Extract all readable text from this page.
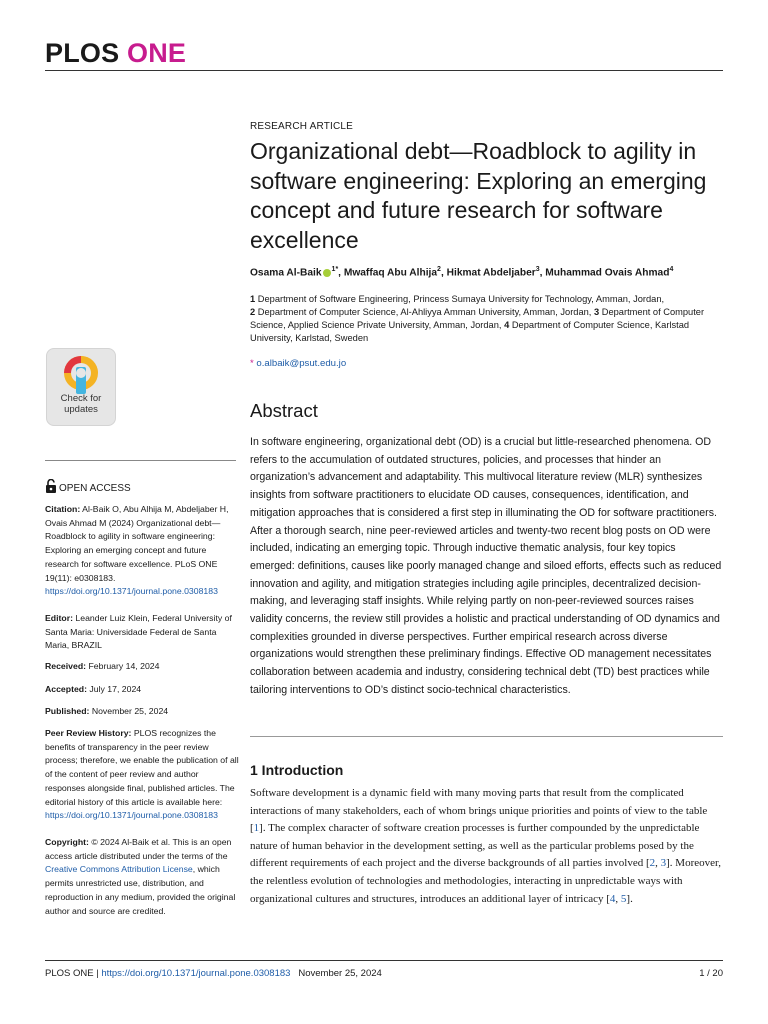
PLOS ONE
Check for
updates
OPEN ACCESS
Citation: Al-Baik O, Abu Alhija M, Abdeljaber H, Ovais Ahmad M (2024) Organizational debt—Roadblock to agility in software engineering: Exploring an emerging concept and future research for software excellence. PLoS ONE 19(11): e0308183. https://doi.org/10.1371/journal.pone.0308183
Editor: Leander Luiz Klein, Federal University of Santa Maria: Universidade Federal de Santa Maria, BRAZIL
Received: February 14, 2024
Accepted: July 17, 2024
Published: November 25, 2024
Peer Review History: PLOS recognizes the benefits of transparency in the peer review process; therefore, we enable the publication of all of the content of peer review and author responses alongside final, published articles. The editorial history of this article is available here: https://doi.org/10.1371/journal.pone.0308183
Copyright: © 2024 Al-Baik et al. This is an open access article distributed under the terms of the Creative Commons Attribution License, which permits unrestricted use, distribution, and reproduction in any medium, provided the original author and source are credited.
RESEARCH ARTICLE
Organizational debt—Roadblock to agility in software engineering: Exploring an emerging concept and future research for software excellence
Osama Al-Baik $^{1*}$, Mwaffaq Abu Alhija$^2$, Hikmat Abdeljaber$^3$, Muhammad Ovais Ahmad$^4$
1 Department of Software Engineering, Princess Sumaya University for Technology, Amman, Jordan,
2 Department of Computer Science, Al-Ahliyya Amman University, Amman, Jordan, 3 Department of Computer Science, Applied Science Private University, Amman, Jordan, 4 Department of Computer Science, Karlstad University, Karlstad, Sweden
* o.albaik@psut.edu.jo
Abstract

In software engineering, organizational debt (OD) is a crucial but little-researched phenomena. OD refers to the accumulation of outdated structures, policies, and processes that hinder an organization’s advancement and adaptability. This multivocal literature review (MLR) synthesizes insights from software practitioners to elucidate OD causes, consequences, identification, and mitigation approaches that is considered a first step in illuminating the OD for software practitioners. After a thorough search, nine peer-reviewed articles and twenty-two recent blog posts on OD were included, indicating an emerging topic. Through inductive thematic analysis, four key topics emerged: definitions, causes like poorly managed change and siloed efforts, effects such as reduced innovation and agility, and mitigation strategies including agile principles, decentralized decision-making, and leveraging staff insights. While relying partly on non-peer-reviewed sources raises validity concerns, the review still provides a holistic and practical understanding of OD dynamics and complexities grounded in diverse perspectives. Further empirical research across diverse organizations would strengthen these preliminary findings. Effective OD management necessitates collaboration between academia and industry, considering technical debt (TD) best practices while tailoring interventions to OD’s distinct socio-technical characteristics.

1 Introduction

Software development is a dynamic field with many moving parts that result from the complicated interactions of many stakeholders, each of whom brings unique priorities and points of view to the table [1]. The complex character of software creation processes is further compounded by the unpredictable nature of human behavior in the development setting, as well as the particular problems posed by the different requirements of each project and the diverse backgrounds of all parties involved [2, 3]. Moreover, the relentless evolution of technologies and methodologies, interacting in unpredictable ways with organizational cultures and structures, introduces an additional layer of intricacy [4, 5].

PLOS ONE | https://doi.org/10.1371/journal.pone.0308183 November 25, 2024	1 / 20
